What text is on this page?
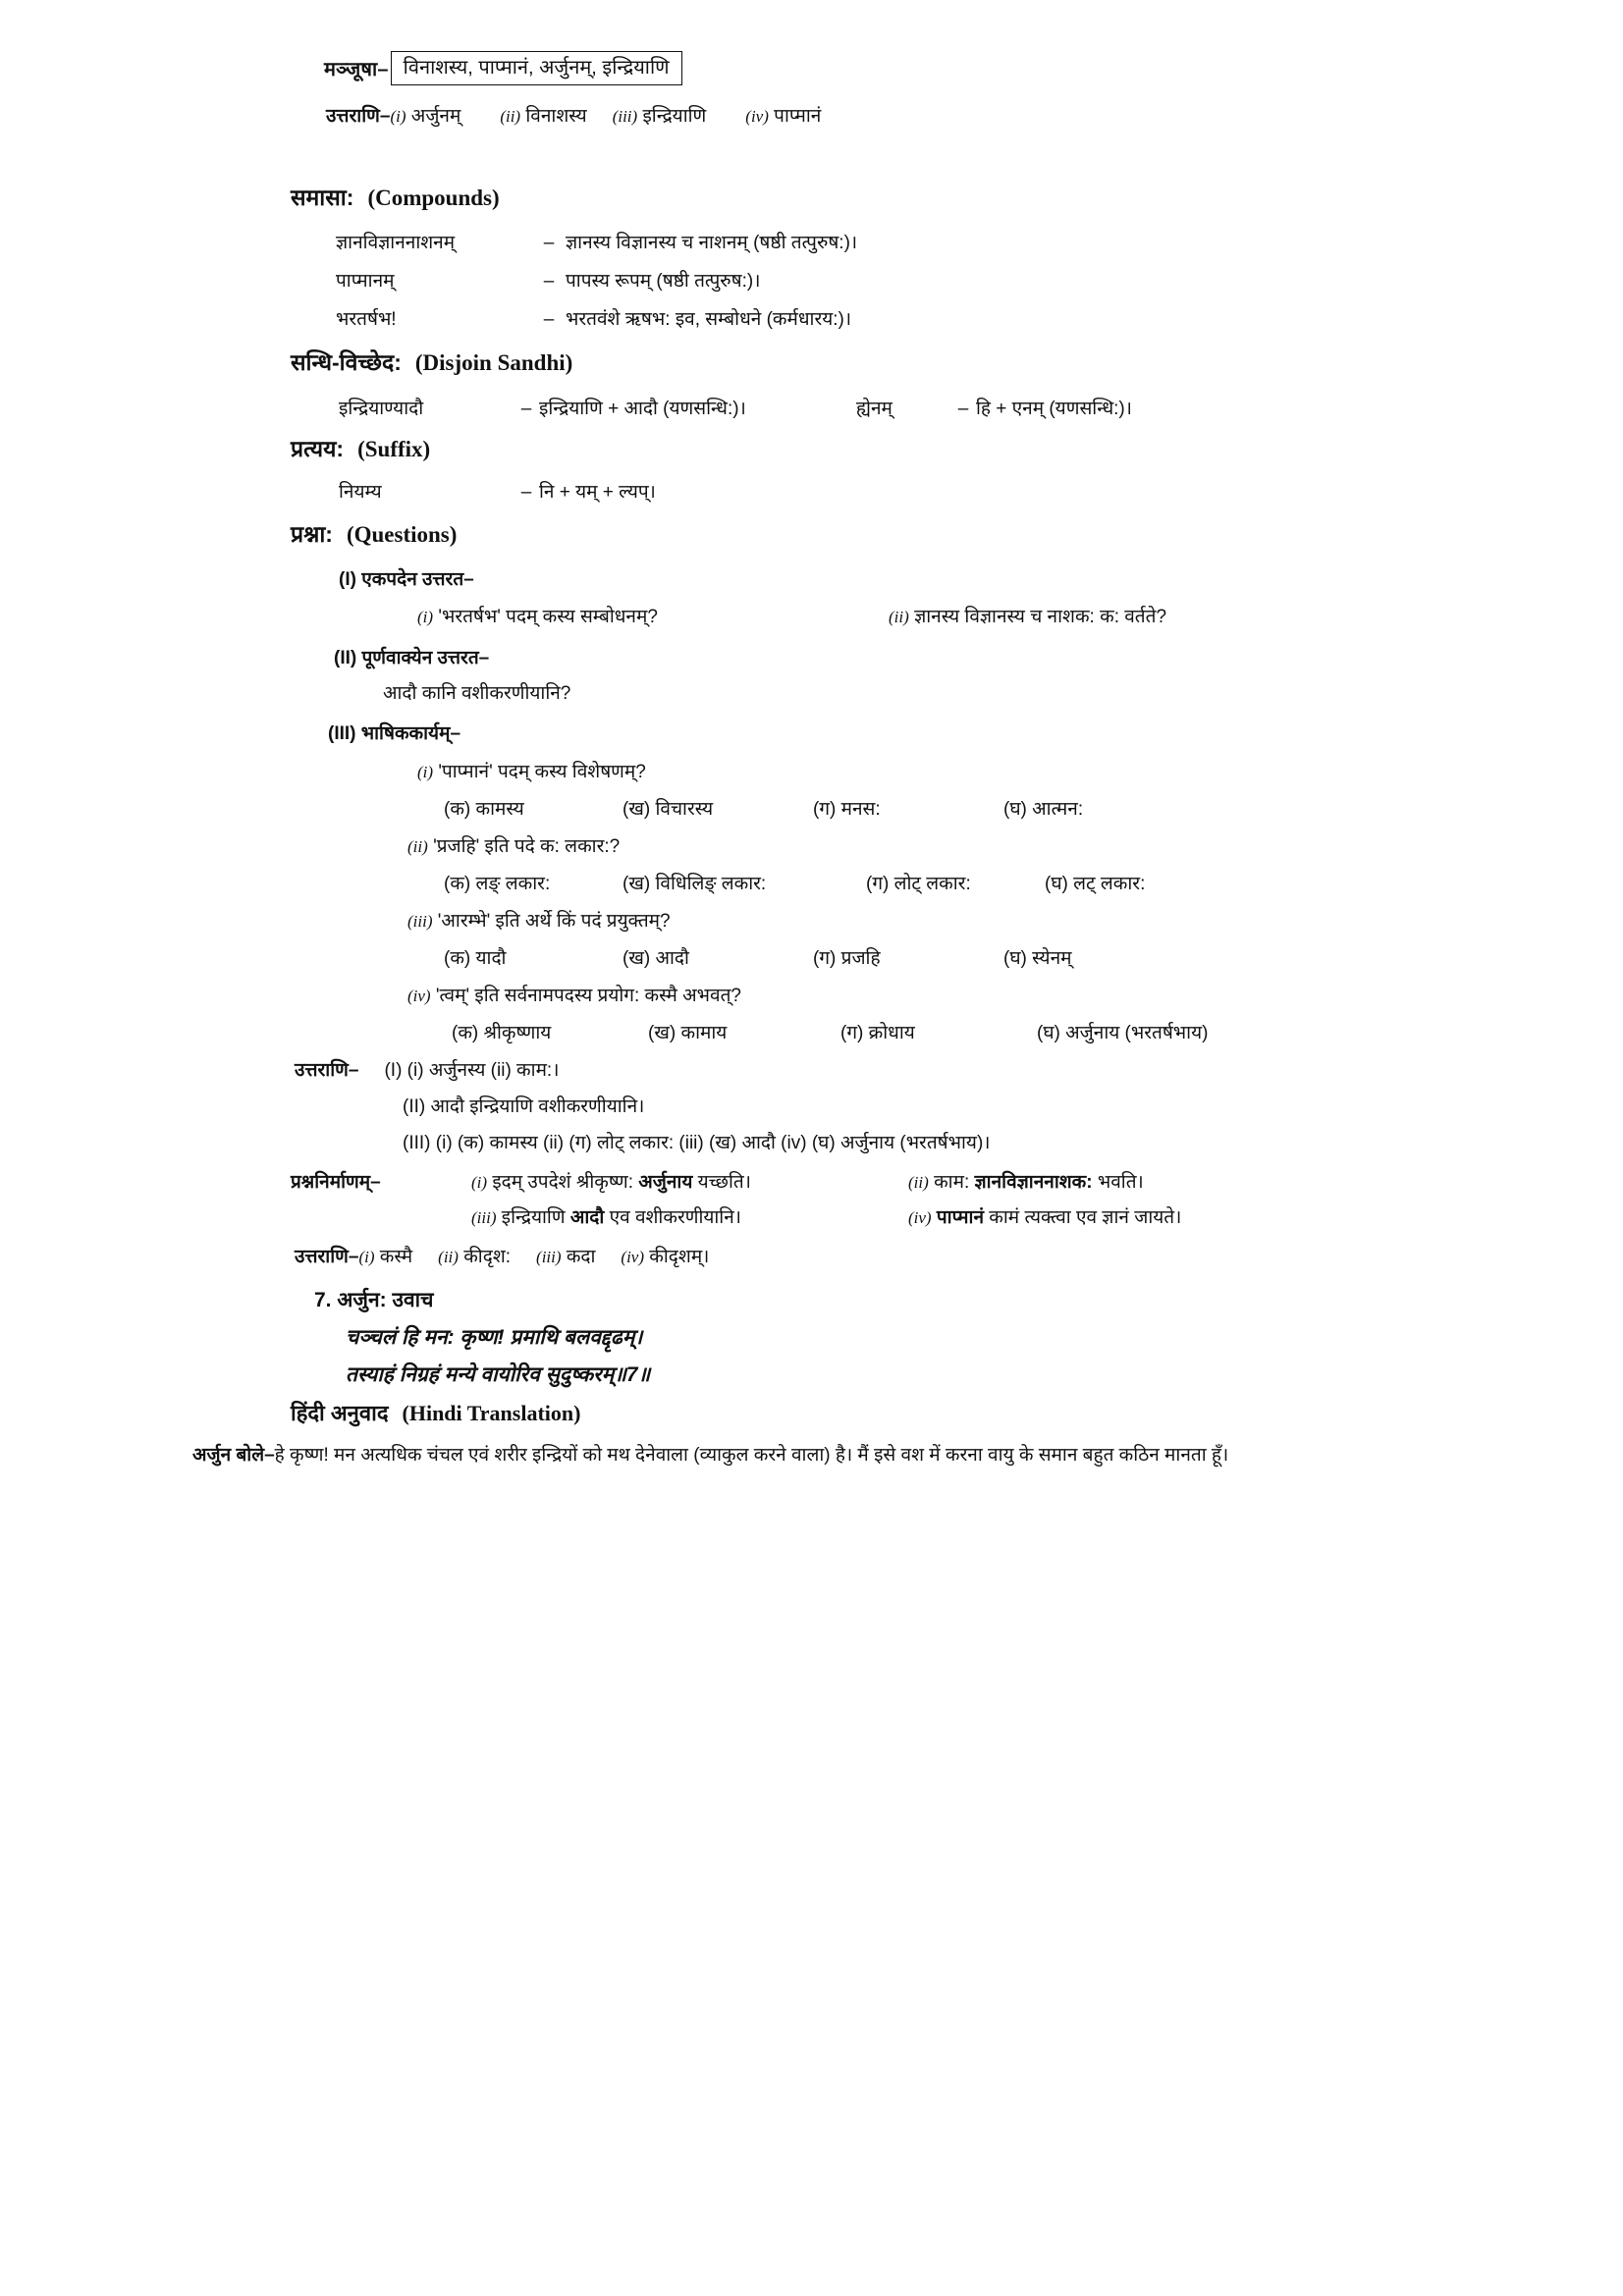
मञ्जूषा– विनाशस्य, पाप्मानं, अर्जुनम्, इन्द्रियाणि
उत्तराणि–(i) अर्जुनम् (ii) विनाशस्य (iii) इन्द्रियाणि (iv) पाप्मानं
समासा: (Compounds)
ज्ञानविज्ञाननाशनम्	– ज्ञानस्य विज्ञानस्य च नाशनम् (षष्ठी तत्पुरुष:)।
पाप्मानम्	– पापस्य रूपम् (षष्ठी तत्पुरुष:)।
भरतर्षभ!	– भरतवंशे ऋषभ: इव, सम्बोधने (कर्मधारय:)।
सन्धि-विच्छेद: (Disjoin Sandhi)
इन्द्रियाण्यादौ	– इन्द्रियाणि + आदौ (यणसन्धि:)।	ह्येनम्	– हि + एनम् (यणसन्धि:)।
प्रत्यय: (Suffix)
नियम्य	– नि + यम् + ल्यप्।
प्रश्ना: (Questions)
(I) एकपदेन उत्तरत–
(i) 'भरतर्षभ' पदम् कस्य सम्बोधनम्?	(ii) ज्ञानस्य विज्ञानस्य च नाशक: क: वर्तते?
(II) पूर्णवाक्येन उत्तरत–
आदौ कानि वशीकरणीयानि?
(III) भाषिककार्यम्–
(i) 'पाप्मानं' पदम् कस्य विशेषणम्?
(क) कामस्य	(ख) विचारस्य	(ग) मनस:	(घ) आत्मन:
(ii) 'प्रजहि' इति पदे क: लकार:?
(क) लङ् लकार:	(ख) विधिलिङ् लकार:	(ग) लोट् लकार:	(घ) लट् लकार:
(iii) 'आरम्भे' इति अर्थे किं पदं प्रयुक्तम्?
(क) यादौ	(ख) आदौ	(ग) प्रजहि	(घ) स्येनम्
(iv) 'त्वम्' इति सर्वनामपदस्य प्रयोग: कस्मै अभवत्?
(क) श्रीकृष्णाय	(ख) कामाय	(ग) क्रोधाय	(घ) अर्जुनाय (भरतर्षभाय)
उत्तराणि– (I) (i) अर्जुनस्य (ii) काम:।
(II) आदौ इन्द्रियाणि वशीकरणीयानि।
(III) (i) (क) कामस्य (ii) (ग) लोट् लकार: (iii) (ख) आदौ (iv) (घ) अर्जुनाय (भरतर्षभाय)।
प्रश्ननिर्माणम्–	(i) इदम् उपदेशं श्रीकृष्ण: अर्जुनाय यच्छति।	(ii) काम: ज्ञानविज्ञाननाशक: भवति।
(iii) इन्द्रियाणि आदौ एव वशीकरणीयानि।	(iv) पाप्मानं कामं त्यक्त्वा एव ज्ञानं जायते।
उत्तराणि–(i) कस्मै (ii) कीदृश: (iii) कदा (iv) कीदृशम्।
7. अर्जुन: उवाच
चञ्चलं हि मन: कृष्ण! प्रमाथि बलवद्दृढम्।
तस्याहं निग्रहं मन्ये वायोरिव सुदुष्करम्॥7॥
हिंदी अनुवाद (Hindi Translation)
अर्जुन बोले–हे कृष्ण! मन अत्यधिक चंचल एवं शरीर इन्द्रियों को मथ देनेवाला (व्याकुल करने वाला) है। मैं इसे वश में करना वायु के समान बहुत कठिन मानता हूँ।
